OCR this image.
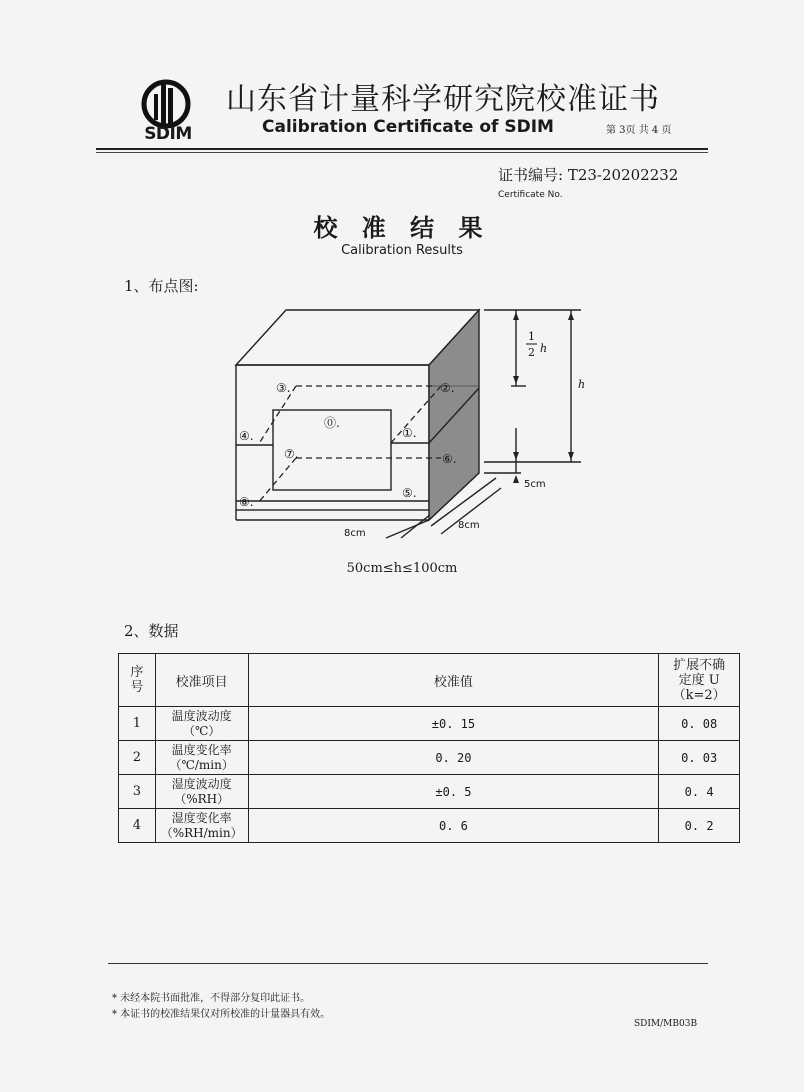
SDIM
山东省计量科学研究院校准证书
Calibration Certificate of SDIM	第 3页 共 4 页
证书编号: T23-20202232
Certificate No.
校 准 结 果
Calibration Results
1、布点图:
①.
②.
③.
④.
⑤.
⑥.
⑦.
⑧.
⓪.
1
2 h
h
5cm
8cm
8cm
50cm≤h≤100cm
2、数据
序
号	校准项目	校准值	扩展不确
定度 U
（k=2）

1	温度波动度
（℃）	±0. 15	0. 08
2	温度变化率
（℃/min）	0. 20	0. 03
3	湿度波动度
（%RH）	±0. 5	0. 4
4	湿度变化率
（%RH/min）	0. 6	0. 2
* 未经本院书面批准，不得部分复印此证书。
* 本证书的校准结果仅对所校准的计量器具有效。
SDIM/MB03B
